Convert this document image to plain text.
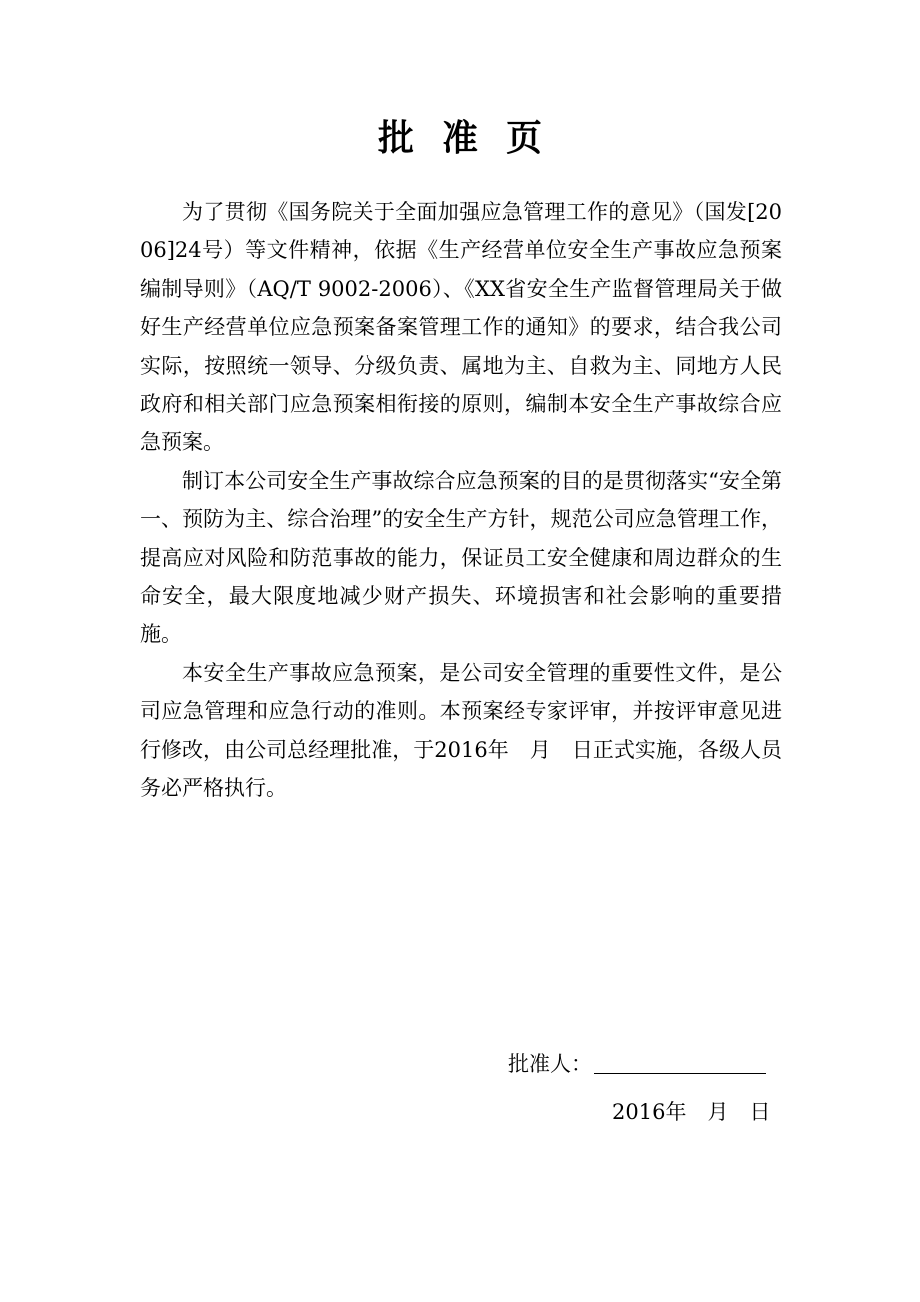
批准页

为了贯彻《国务院关于全面加强应急管理工作的意见》（国发[2006]24号）等文件精神，依据《生产经营单位安全生产事故应急预案编制导则》（AQ/T 9002-2006）、《XX省安全生产监督管理局关于做好生产经营单位应急预案备案管理工作的通知》的要求，结合我公司实际，按照统一领导、分级负责、属地为主、自救为主、同地方人民政府和相关部门应急预案相衔接的原则，编制本安全生产事故综合应急预案。

制订本公司安全生产事故综合应急预案的目的是贯彻落实“安全第一、预防为主、综合治理”的安全生产方针，规范公司应急管理工作，提高应对风险和防范事故的能力，保证员工安全健康和周边群众的生命安全，最大限度地减少财产损失、环境损害和社会影响的重要措施。

本安全生产事故应急预案，是公司安全管理的重要性文件，是公司应急管理和应急行动的准则。本预案经专家评审，并按评审意见进行修改，由公司总经理批准，于2016年　月　日正式实施，各级人员务必严格执行。

批准人：
2016年　月　日
